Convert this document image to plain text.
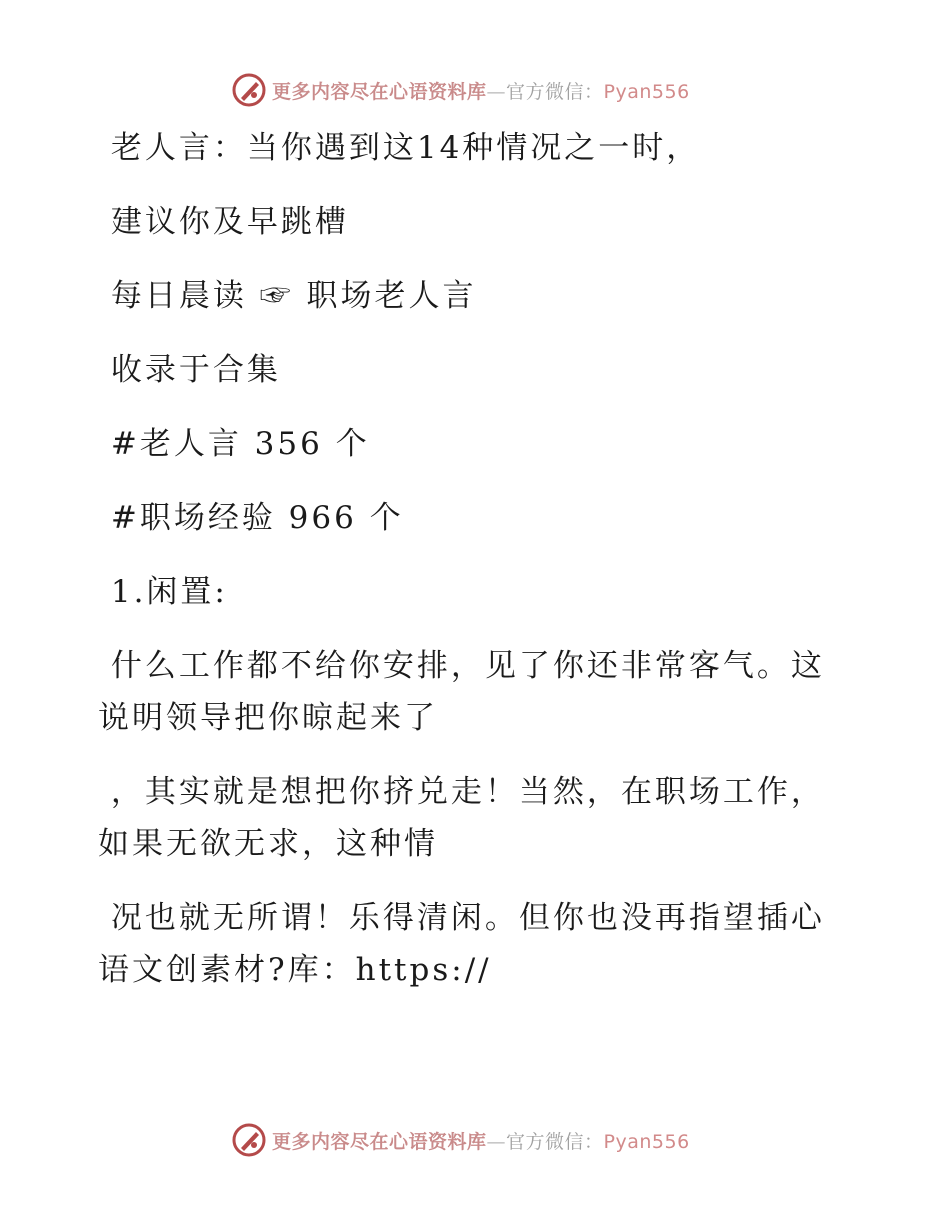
更多内容尽在心语资料库—官方微信：Pyan556

老人言：当你遇到这14种情况之一时，

建议你及早跳槽

每日晨读 ☞ 职场老人言

收录于合集

#老人言 356 个

#职场经验 966 个

1.闲置:

什么工作都不给你安排，见了你还非常客气。这

说明领导把你晾起来了

，其实就是想把你挤兑走！当然，在职场工作，

如果无欲无求，这种情

况也就无所谓！乐得清闲。但你也没再指望插心

语文创素材?库：https://

更多内容尽在心语资料库—官方微信：Pyan556
